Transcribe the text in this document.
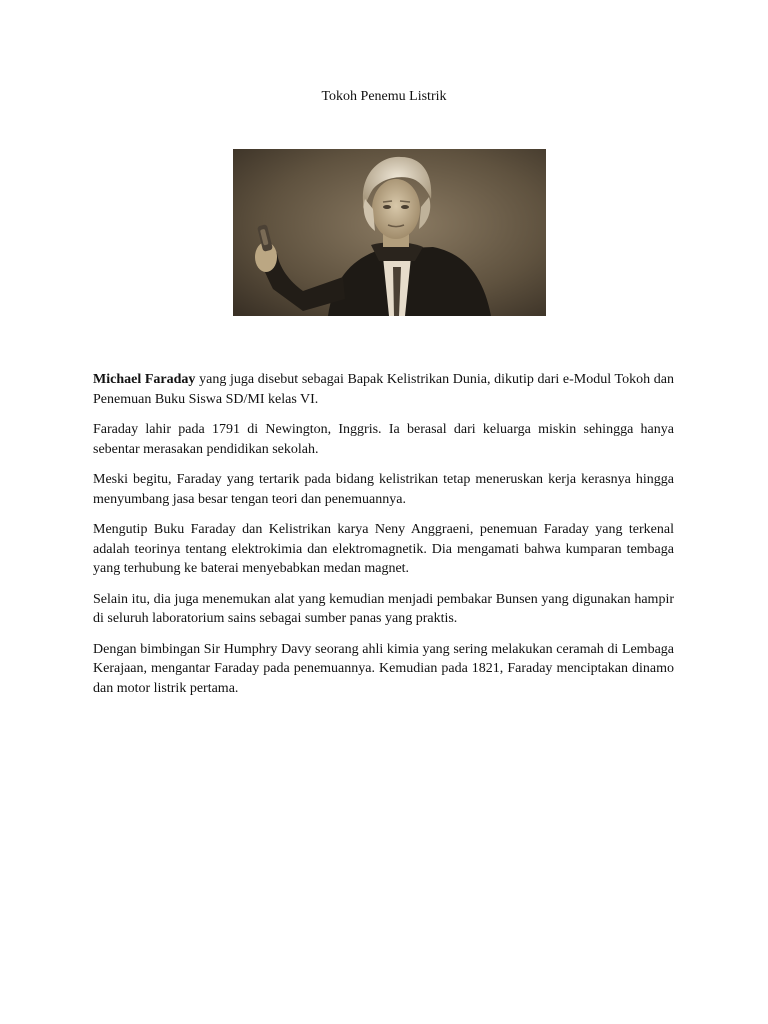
Tokoh Penemu Listrik

Michael Faraday yang juga disebut sebagai Bapak Kelistrikan Dunia, dikutip dari e-Modul Tokoh dan Penemuan Buku Siswa SD/MI kelas VI.

Faraday lahir pada 1791 di Newington, Inggris. Ia berasal dari keluarga miskin sehingga hanya sebentar merasakan pendidikan sekolah.

Meski begitu, Faraday yang tertarik pada bidang kelistrikan tetap meneruskan kerja kerasnya hingga menyumbang jasa besar tengan teori dan penemuannya.

Mengutip Buku Faraday dan Kelistrikan karya Neny Anggraeni, penemuan Faraday yang terkenal adalah teorinya tentang elektrokimia dan elektromagnetik. Dia mengamati bahwa kumparan tembaga yang terhubung ke baterai menyebabkan medan magnet.

Selain itu, dia juga menemukan alat yang kemudian menjadi pembakar Bunsen yang digunakan hampir di seluruh laboratorium sains sebagai sumber panas yang praktis.

Dengan bimbingan Sir Humphry Davy seorang ahli kimia yang sering melakukan ceramah di Lembaga Kerajaan, mengantar Faraday pada penemuannya. Kemudian pada 1821, Faraday menciptakan dinamo dan motor listrik pertama.
